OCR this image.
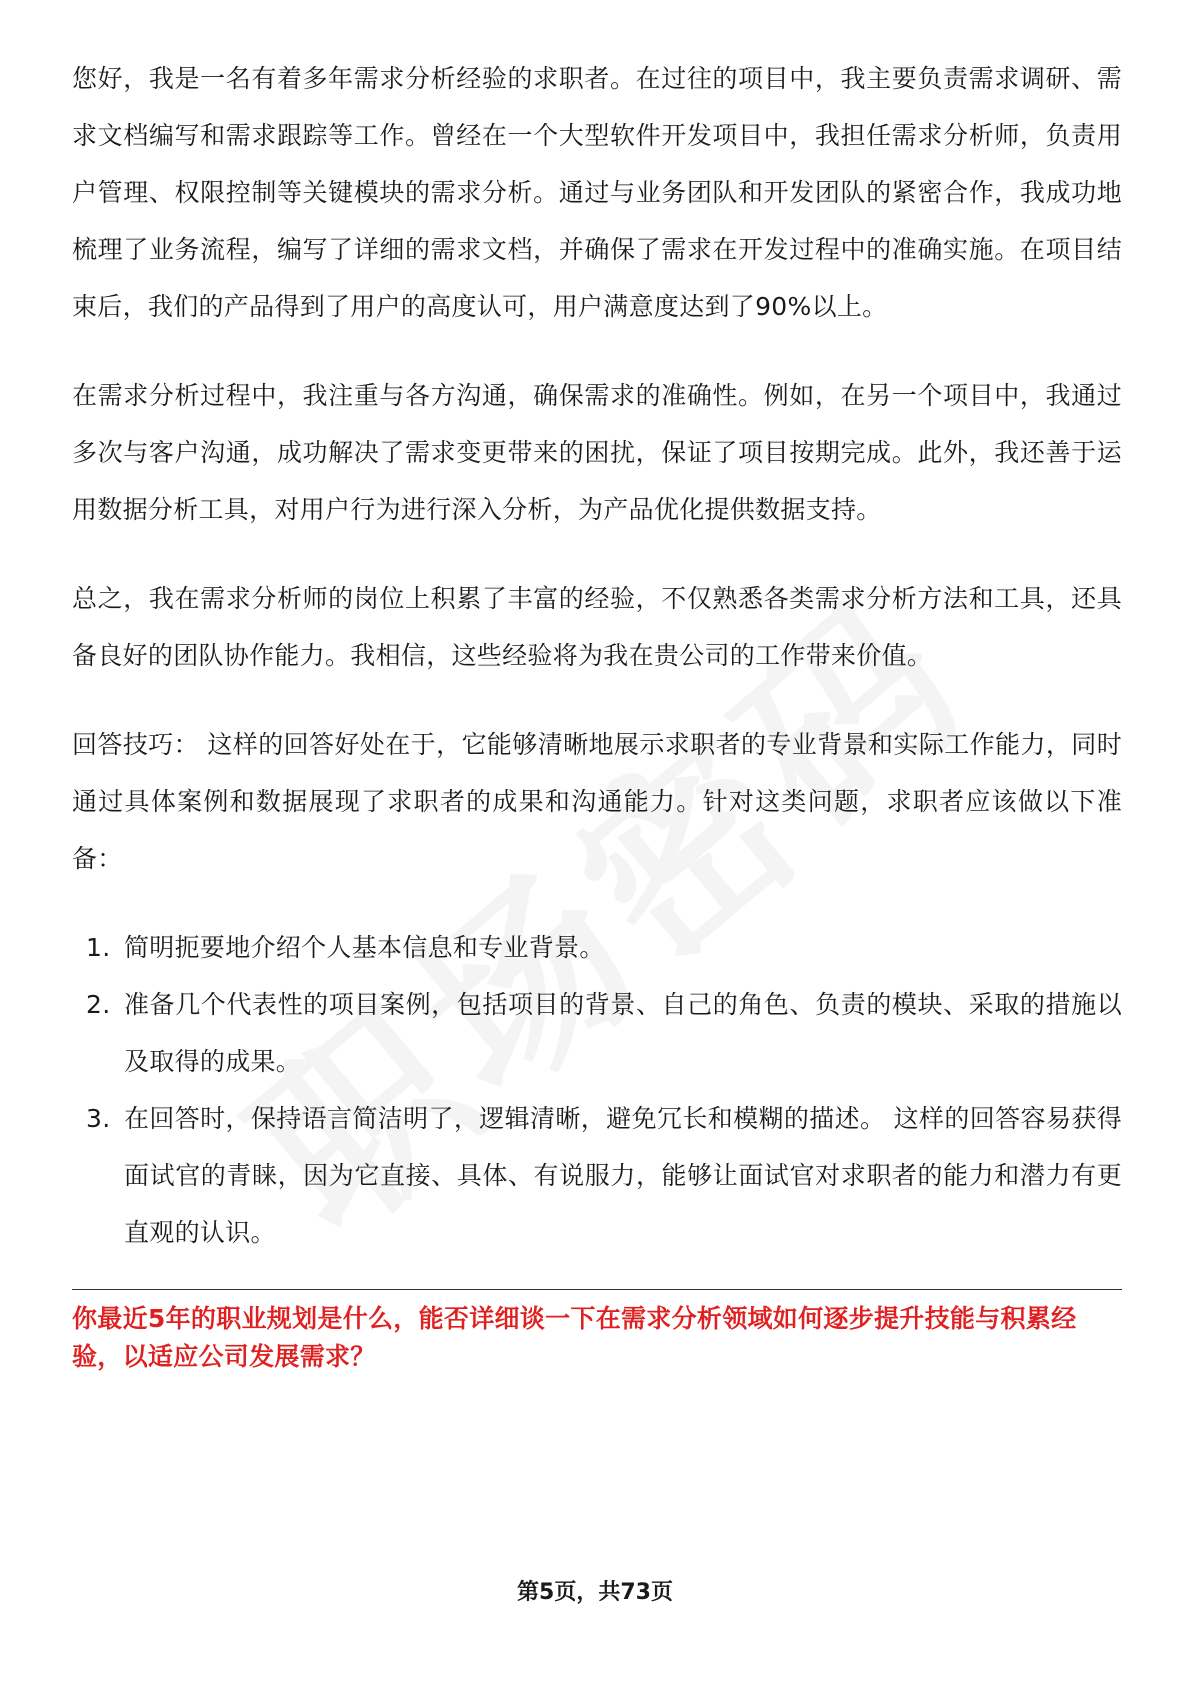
您好，我是一名有着多年需求分析经验的求职者。在过往的项目中，我主要负责需求调研、需求文档编写和需求跟踪等工作。曾经在一个大型软件开发项目中，我担任需求分析师，负责用户管理、权限控制等关键模块的需求分析。通过与业务团队和开发团队的紧密合作，我成功地梳理了业务流程，编写了详细的需求文档，并确保了需求在开发过程中的准确实施。在项目结束后，我们的产品得到了用户的高度认可，用户满意度达到了90%以上。

在需求分析过程中，我注重与各方沟通，确保需求的准确性。例如，在另一个项目中，我通过多次与客户沟通，成功解决了需求变更带来的困扰，保证了项目按期完成。此外，我还善于运用数据分析工具，对用户行为进行深入分析，为产品优化提供数据支持。

总之，我在需求分析师的岗位上积累了丰富的经验，不仅熟悉各类需求分析方法和工具，还具备良好的团队协作能力。我相信，这些经验将为我在贵公司的工作带来价值。

回答技巧： 这样的回答好处在于，它能够清晰地展示求职者的专业背景和实际工作能力，同时通过具体案例和数据展现了求职者的成果和沟通能力。针对这类问题，求职者应该做以下准备：

1. 简明扼要地介绍个人基本信息和专业背景。
2. 准备几个代表性的项目案例，包括项目的背景、自己的角色、负责的模块、采取的措施以及取得的成果。
3. 在回答时，保持语言简洁明了，逻辑清晰，避免冗长和模糊的描述。 这样的回答容易获得面试官的青睐，因为它直接、具体、有说服力，能够让面试官对求职者的能力和潜力有更直观的认识。

你最近5年的职业规划是什么，能否详细谈一下在需求分析领域如何逐步提升技能与积累经验，以适应公司发展需求？

第5页，共73页
